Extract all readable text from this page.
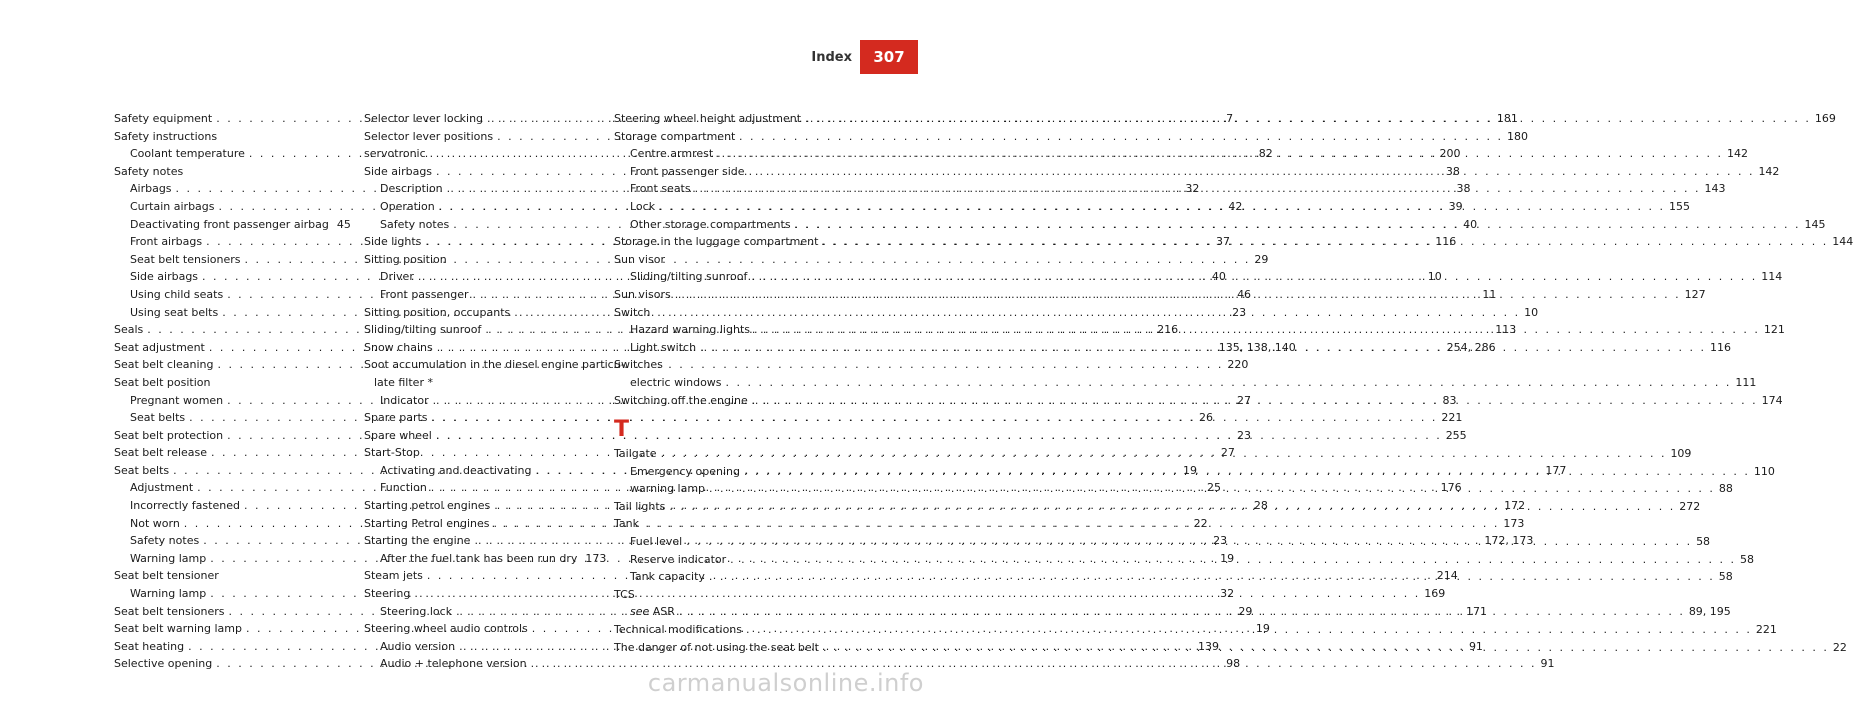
Index	307
Safety equipment . . .	7
Safety instructions
Coolant temperature . . .	82
Safety notes
Airbags . . .	32
Curtain airbags . . .	42
Deactivating front passenger airbag 45
Front airbags . . .	37
Seat belt tensioners . . .	29
Side airbags . . .	40
Using child seats . . .	46
Using seat belts . . .	23
Seals . . .	216
Seat adjustment . . .	135, 138, 140
Seat belt cleaning . . .	220
Seat belt position
Pregnant women . . .	27
Seat belts . . .	26
Seat belt protection . . .	23
Seat belt release . . .	27
Seat belts . . .	19
Adjustment . . .	25
Incorrectly fastened . . .	28
Not worn . . .	22
Safety notes . . .	23
Warning lamp . . .	19
Seat belt tensioner
Warning lamp . . .	32
Seat belt tensioners . . .	29
Seat belt warning lamp . . .	19
Seat heating . . .	139
Selective opening . . .	98
Selector lever locking . . .	181
Selector lever positions . . .	180
servotronic . . .	200
Side airbags . . .	38
Description . . .	38
Operation . . .	39
Safety notes . . .	40
Side lights . . .	116
Sitting position
Driver . . .	10
Front passenger . . .	11
Sitting position, occupants . . .	10
Sliding/tilting sunroof . . .	113
Snow chains . . .	254, 286
Soot accumulation in the diesel engine particu-
late filter *
Indicator . . .	83
Spare parts . . .	221
Spare wheel . . .	255
Start-Stop
Activating and deactivating . . .	177
Function . . .	176
Starting petrol engines . . .	172
Starting Petrol engines . . .	173
Starting the engine . . .	172, 173
After the fuel tank has been run dry 173
Steam jets . . .	214
Steering . . .	169
Steering lock . . .	171
Steering wheel audio controls
Audio version . . .	91
Audio + telephone version . . .	91
Steering wheel height adjustment . . .	169
Storage compartment
Centre armrest . . .	142
Front passenger side . . .	142
Front seats . . .	143
Lock . . .	155
Other storage compartments . . .	145
Storage in the luggage compartment . . .	144
Sun visor
Sliding/tilting sunroof . . .	114
Sun visors . . .	127
Switch
Hazard warning lights . . .	121
Light switch . . .	116
Switches
electric windows . . .	111
Switching off the engine . . .	174
T
Tailgate . . .	109
Emergency opening . . .	110
warning lamp . . .	88
Tail lights . . .	272
Tank
Fuel level . . .	58
Reserve indicator . . .	58
Tank capacity . . .	58
TCS
see
ASR . . .	89, 195
Technical modifications . . .	221
The danger of not using the seat belt . . .	22
carmanualsonline.info
